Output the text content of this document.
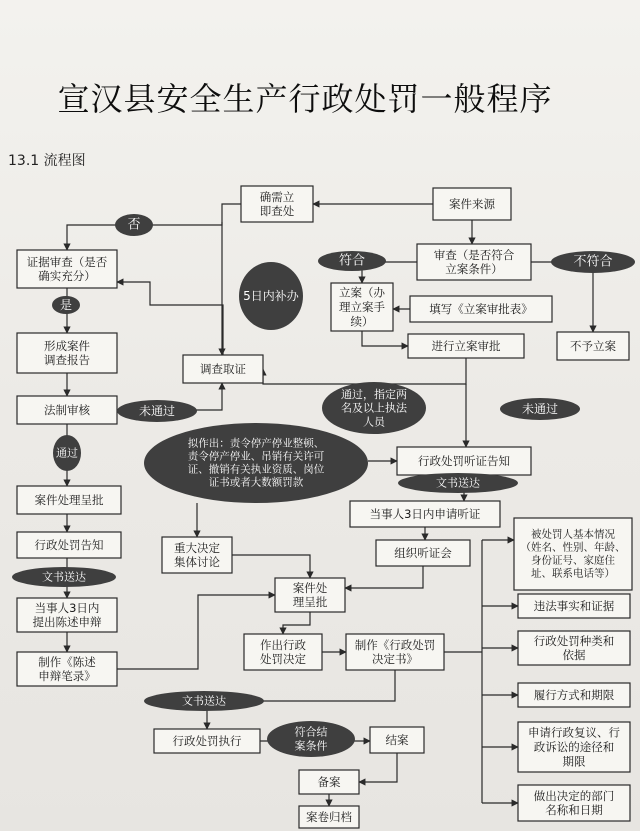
宣汉县安全生产行政处罚一般程序
13.1 流程图
确需立
即查处
案件来源
证据审查（是否
确实充分）
审查（是否符合
立案条件）
立案（办
理立案手
续）
填写《立案审批表》
进行立案审批	不予立案
形成案件
调查报告
调查取证
法制审核
案件处理呈批
行政处罚告知
行政处罚听证告知
当事人3日内申请听证
组织听证会
重大决定
集体讨论
案件处
理呈批
当事人3日内
提出陈述申辩
制作《陈述
申辩笔录》
作出行政
处罚决定
制作《行政处罚
决定书》
被处罚人基本情况
（姓名、性别、年龄、
身份证号、家庭住
址、联系电话等）
违法事实和证据
行政处罚种类和
依据
履行方式和期限
申请行政复议、行
政诉讼的途径和
期限
做出决定的部门
名称和日期
行政处罚执行	结案
备案
案卷归档
否
是
符合	不符合
5日内补办
未通过
通过，指定两
名及以上执法
人员
未通过
通过
拟作出：责令停产停业整顿、
责令停产停业、吊销有关许可
证、撤销有关执业资质、岗位
证书或者大数额罚款	文书送达
文书送达
文书送达
符合结
案条件
